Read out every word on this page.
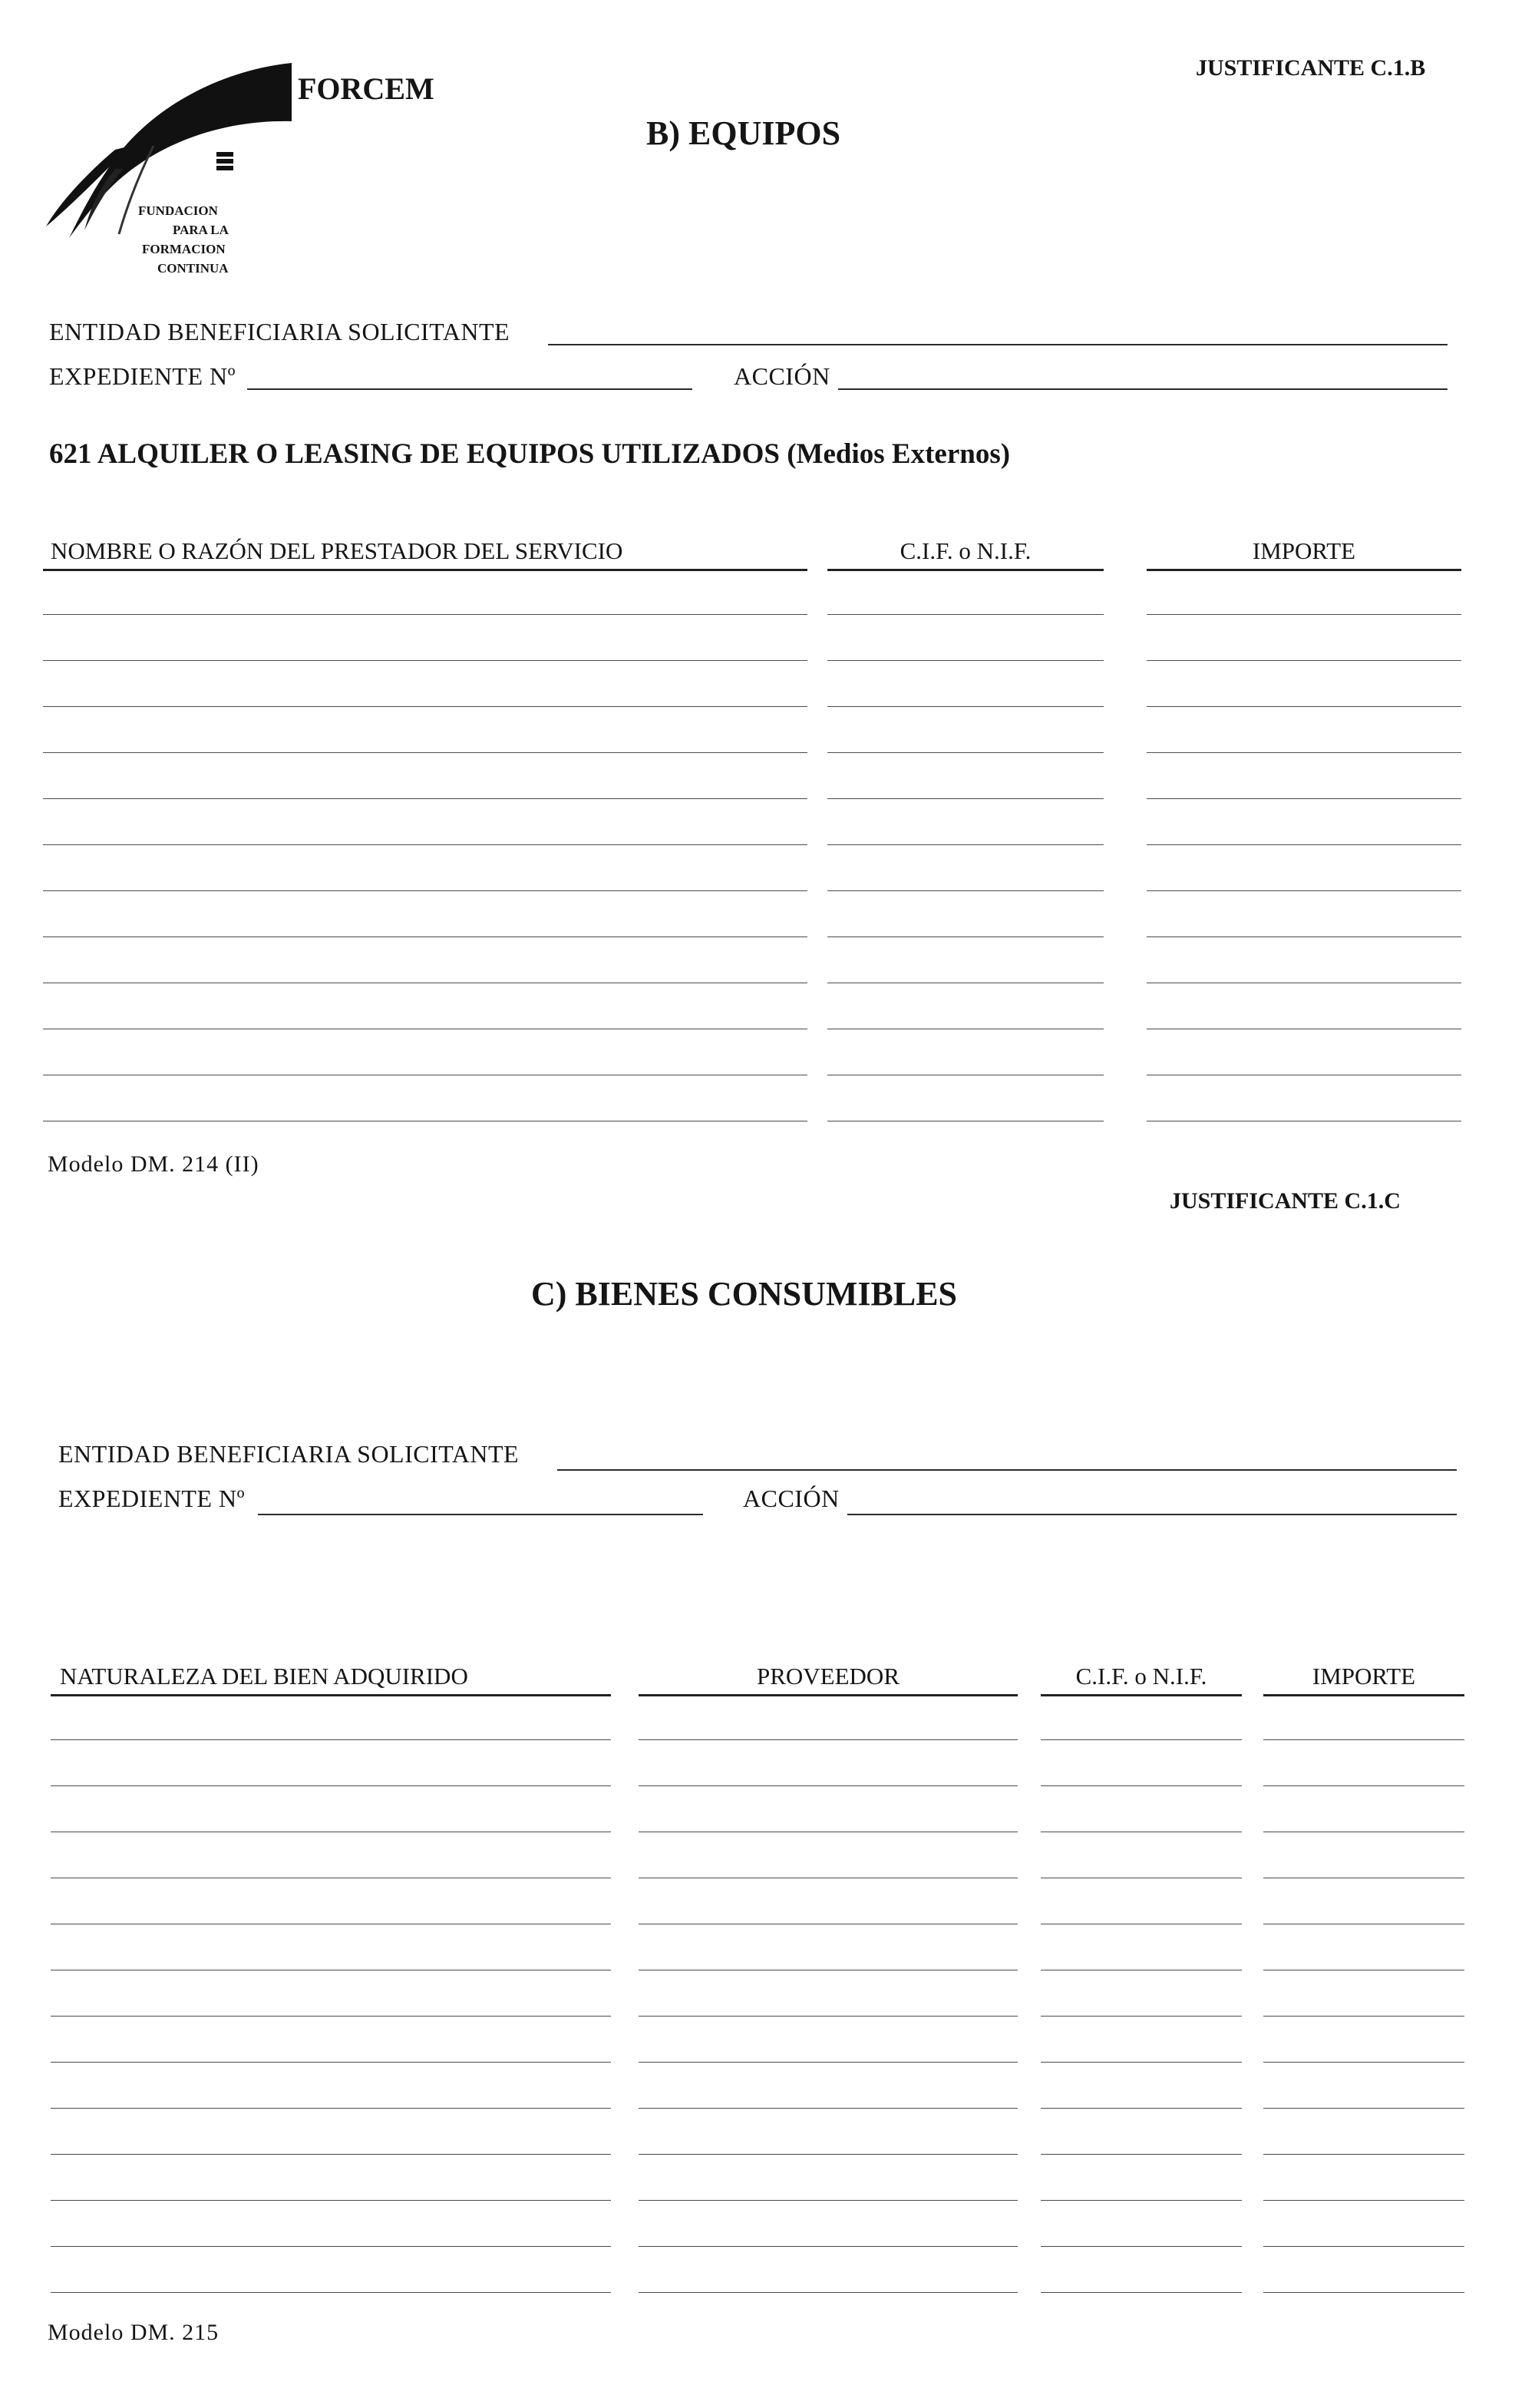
FORCEM
FUNDACION
PARA LA
FORMACION
CONTINUA
JUSTIFICANTE C.1.B
B) EQUIPOS
ENTIDAD BENEFICIARIA SOLICITANTE
EXPEDIENTE Nº	ACCIÓN
621 ALQUILER O LEASING DE EQUIPOS UTILIZADOS (Medios Externos)
NOMBRE O RAZÓN DEL PRESTADOR DEL SERVICIO	C.I.F. o N.I.F.	IMPORTE
Modelo DM. 214 (II)
JUSTIFICANTE C.1.C
C) BIENES CONSUMIBLES
ENTIDAD BENEFICIARIA SOLICITANTE
EXPEDIENTE Nº	ACCIÓN
NATURALEZA DEL BIEN ADQUIRIDO	PROVEEDOR	C.I.F. o N.I.F.	IMPORTE
Modelo DM. 215
